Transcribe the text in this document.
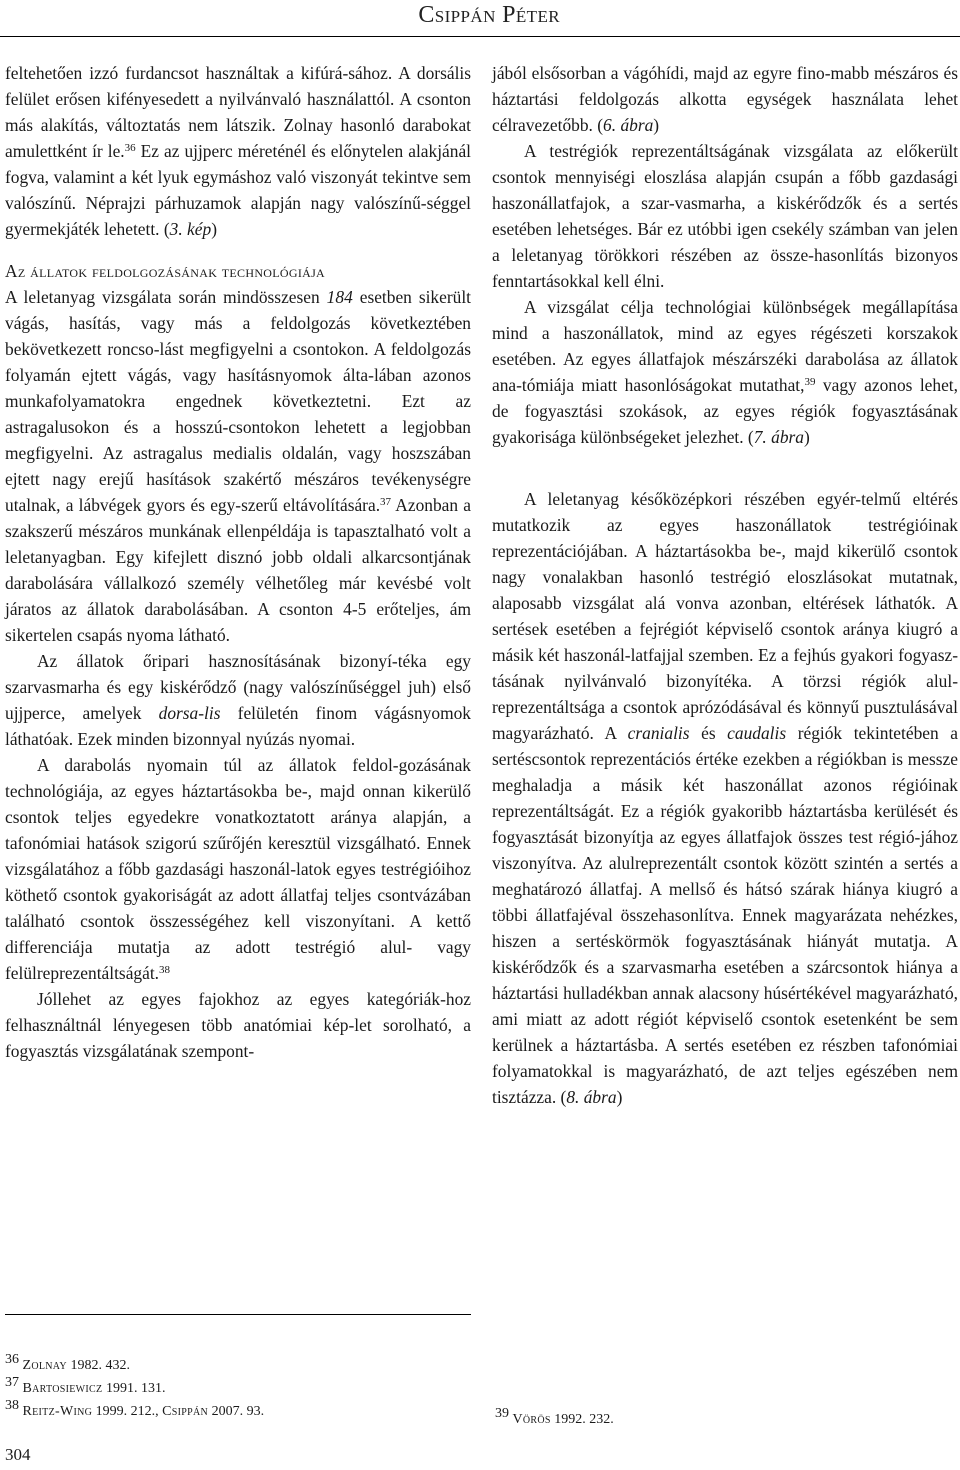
Csippán Péter

feltehetően izzó furdancsot használtak a kifúrá-sához. A dorsális felület erősen kifényesedett a nyilvánvaló használattól. A csonton más alakítás, változtatás nem látszik. Zolnay hasonló darabokat amulettként ír le.$^{36}$ Ez az ujjperc méreténél és előnytelen alakjánál fogva, valamint a két lyuk egymáshoz való viszonyát tekintve sem valószínű. Néprajzi párhuzamok alapján nagy valószínű-séggel gyermekjáték lehetett. (3. kép)

Az állatok feldolgozásának technológiája

A leletanyag vizsgálata során mindösszesen 184 esetben sikerült vágás, hasítás, vagy más a feldolgozás következtében bekövetkezett roncso-lást megfigyelni a csontokon. A feldolgozás folyamán ejtett vágás, vagy hasításnyomok álta-lában azonos munkafolyamatokra engednek következtetni. Ezt az astragalusokon és a hosszú-csontokon lehetett a legjobban megfigyelni. Az astragalus medialis oldalán, vagy hoszszában ejtett nagy erejű hasítások szakértő mészáros tevékenységre utalnak, a lábvégek gyors és egy-szerű eltávolítására.$^{37}$ Azonban a szakszerű mészáros munkának ellenpéldája is tapasztalható volt a leletanyagban. Egy kifejlett disznó jobb oldali alkarcsontjának darabolására vállalkozó személy vélhetőleg már kevésbé volt járatos az állatok darabolásában. A csonton 4-5 erőteljes, ám sikertelen csapás nyoma látható.

Az állatok őripari hasznosításának bizonyí-téka egy szarvasmarha és egy kiskérődző (nagy valószínűséggel juh) első ujjperce, amelyek dorsa-lis felületén finom vágásnyomok láthatóak. Ezek minden bizonnyal nyúzás nyomai.

A darabolás nyomain túl az állatok feldol-gozásának technológiája, az egyes háztartásokba be-, majd onnan kikerülő csontok teljes egyedekre vonatkoztatott aránya alapján, a tafonómiai hatások szigorú szűrőjén keresztül vizsgálható. Ennek vizsgálatához a főbb gazdasági haszonál-latok egyes testrégióihoz köthető csontok gyakoriságát az adott állatfaj teljes csontvázában található csontok összességéhez kell viszonyítani. A kettő differenciája mutatja az adott testrégió alul- vagy felülreprezentáltságát.$^{38}$

Jóllehet az egyes fajokhoz az egyes kategóriák-hoz felhasználtnál lényegesen több anatómiai kép-let sorolható, a fogyasztás vizsgálatának szempont-

jából elsősorban a vágóhídi, majd az egyre fino-mabb mészáros és háztartási feldolgozás alkotta egységek használata lehet célravezetőbb. (6. ábra)

A testrégiók reprezentáltságának vizsgálata az előkerült csontok mennyiségi eloszlása alapján csupán a főbb gazdasági haszonállatfajok, a szar-vasmarha, a kiskérődzők és a sertés esetében lehetséges. Bár ez utóbbi igen csekély számban van jelen a leletanyag törökkori részében az össze-hasonlítás bizonyos fenntartásokkal kell élni.

A vizsgálat célja technológiai különbségek megállapítása mind a haszonállatok, mind az egyes régészeti korszakok esetében. Az egyes állatfajok mészárszéki darabolása az állatok ana-tómiája miatt hasonlóságokat mutathat,$^{39}$ vagy azonos lehet, de fogyasztási szokások, az egyes régiók fogyasztásának gyakorisága különbségeket jelezhet. (7. ábra)

A leletanyag későközépkori részében egyér-telmű eltérés mutatkozik az egyes haszonállatok testrégióinak reprezentációjában. A háztartásokba be-, majd kikerülő csontok nagy vonalakban hasonló testrégió eloszlásokat mutatnak, alaposabb vizsgálat alá vonva azonban, eltérések láthatók. A sertések esetében a fejrégiót képviselő csontok aránya kiugró a másik két haszonál-latfajjal szemben. Ez a fejhús gyakori fogyasz-tásának nyilvánvaló bizonyítéka. A törzsi régiók alul-reprezentáltsága a csontok aprózódásával és könnyű pusztulásával magyarázható. A cranialis és caudalis régiók tekintetében a sertéscsontok reprezentációs értéke ezekben a régiókban is messze meghaladja a másik két haszonállat azonos régióinak reprezentáltságát. Ez a régiók gyakoribb háztartásba kerülését és fogyasztását bizonyítja az egyes állatfajok összes test régió-jához viszonyítva. Az alulreprezentált csontok között szintén a sertés a meghatározó állatfaj. A mellső és hátsó szárak hiánya kiugró a többi állatfajéval összehasonlítva. Ennek magyarázata nehézkes, hiszen a sertéskörmök fogyasztásának hiányát mutatja. A kiskérődzők és a szarvasmarha esetében a szárcsontok hiánya a háztartási hulladékban annak alacsony húsértékével magyarázható, ami miatt az adott régiót képviselő csontok esetenként be sem kerülnek a háztartásba. A sertés esetében ez részben tafonómiai folyamatokkal is magyarázható, de azt teljes egészében nem tisztázza. (8. ábra)

$^{36}$ Zolnay 1982. 432.

$^{37}$ Bartosiewicz 1991. 131.

$^{38}$ Reitz-Wing 1999. 212., Csippán 2007. 93.	$^{39}$ Vörös 1992. 232.

304
